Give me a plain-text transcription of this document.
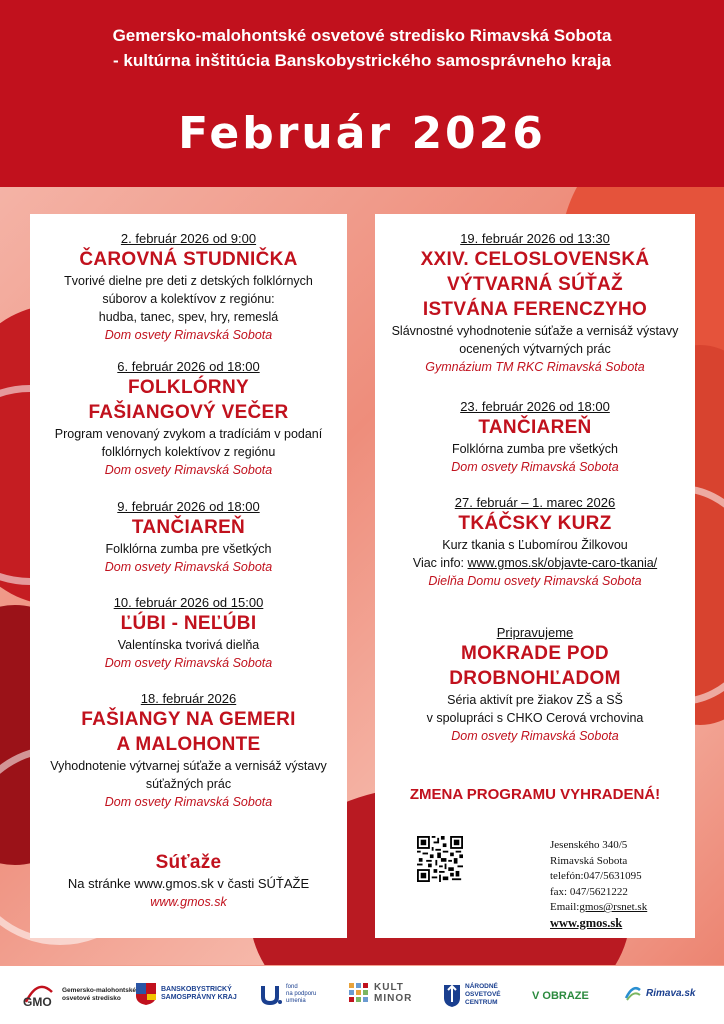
Gemersko-malohontské osvetové stredisko Rimavská Sobota
- kultúrna inštitúcia Banskobystrického samosprávneho kraja
Február 2026
2. február 2026 od 9:00
ČAROVNÁ STUDNIČKA
Tvorivé dielne pre deti z detských folklórnych
súborov a kolektívov z regiónu:
hudba, tanec, spev, hry, remeslá
Dom osvety Rimavská Sobota
6. február 2026 od 18:00
FOLKLÓRNY
FAŠIANGOVÝ VEČER
Program venovaný zvykom a tradíciám v podaní
folklórnych kolektívov z regiónu
Dom osvety Rimavská Sobota
9. február 2026 od 18:00
TANČIAREŇ
Folklórna zumba pre všetkých
Dom osvety Rimavská Sobota
10. február 2026 od 15:00
ĽÚBI - NEĽÚBI
Valentínska tvorivá dielňa
Dom osvety Rimavská Sobota
18. február 2026
FAŠIANGY NA GEMERI
A MALOHONTE
Vyhodnotenie výtvarnej súťaže a vernisáž výstavy
súťažných prác
Dom osvety Rimavská Sobota
Súťaže
Na stránke www.gmos.sk v časti SÚŤAŽE
www.gmos.sk
19. február 2026 od 13:30
XXIV. CELOSLOVENSKÁ
VÝTVARNÁ SÚŤAŽ
ISTVÁNA FERENCZYHO
Slávnostné vyhodnotenie súťaže a vernisáž výstavy
ocenených výtvarných prác
Gymnázium TM RKC Rimavská Sobota
23. február 2026 od 18:00
TANČIAREŇ
Folklórna zumba pre všetkých
Dom osvety Rimavská Sobota
27. február – 1. marec 2026
TKÁČSKY KURZ
Kurz tkania s Ľubomírou Žilkovou
Viac info: www.gmos.sk/objavte-caro-tkania/
Dielňa Domu osvety Rimavská Sobota
Pripravujeme
MOKRADE POD
DROBNOHĽADOM
Séria aktivít pre žiakov ZŠ a SŠ
v spolupráci s CHKO Cerová vrchovina
Dom osvety Rimavská Sobota
ZMENA PROGRAMU VYHRADENÁ!
Jesenského 340/5
Rimavská Sobota
telefón:047/5631095
fax: 047/5621222
Email:gmos@rsnet.sk
www.gmos.sk
GMO
Gemersko-malohontské
osvetové stredisko
BANSKOBYSTRICKÝ
SAMOSPRÁVNY KRAJ
fond
na podporu
umenia
KULT
MINOR
NÁRODNÉ
OSVETOVÉ
CENTRUM
V OBRAZE	Rimava.sk
